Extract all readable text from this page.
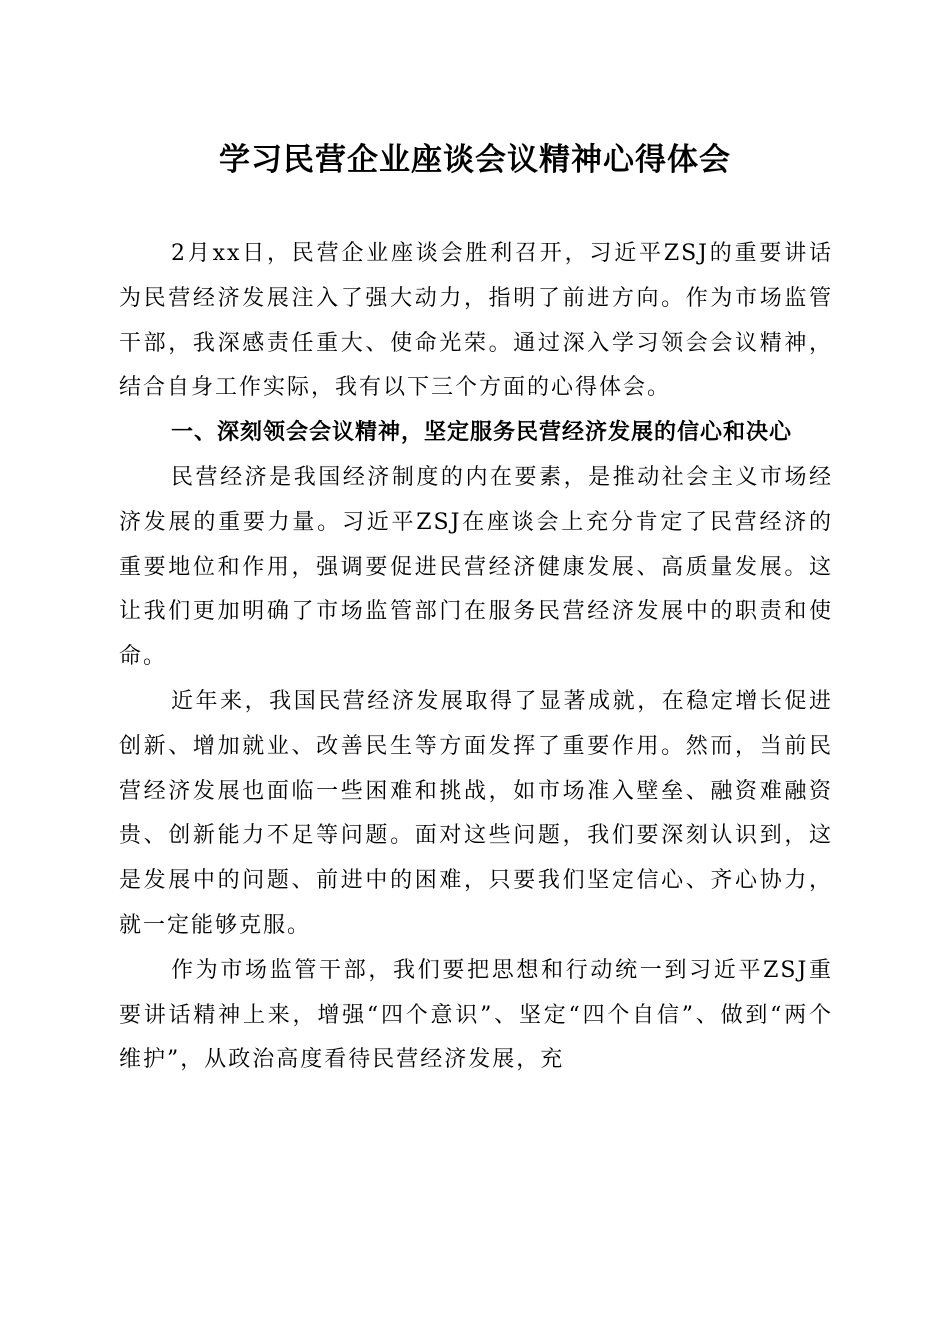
学习民营企业座谈会议精神心得体会

2月xx日，民营企业座谈会胜利召开，习近平ZSJ的重要讲话为民营经济发展注入了强大动力，指明了前进方向。作为市场监管干部，我深感责任重大、使命光荣。通过深入学习领会会议精神，结合自身工作实际，我有以下三个方面的心得体会。

一、深刻领会会议精神，坚定服务民营经济发展的信心和决心

民营经济是我国经济制度的内在要素，是推动社会主义市场经济发展的重要力量。习近平ZSJ在座谈会上充分肯定了民营经济的重要地位和作用，强调要促进民营经济健康发展、高质量发展。这让我们更加明确了市场监管部门在服务民营经济发展中的职责和使命。

近年来，我国民营经济发展取得了显著成就，在稳定增长促进创新、增加就业、改善民生等方面发挥了重要作用。然而，当前民营经济发展也面临一些困难和挑战，如市场准入壁垒、融资难融资贵、创新能力不足等问题。面对这些问题，我们要深刻认识到，这是发展中的问题、前进中的困难，只要我们坚定信心、齐心协力，就一定能够克服。

作为市场监管干部，我们要把思想和行动统一到习近平ZSJ重要讲话精神上来，增强“四个意识”、坚定“四个自信”、做到“两个维护”，从政治高度看待民营经济发展，充
